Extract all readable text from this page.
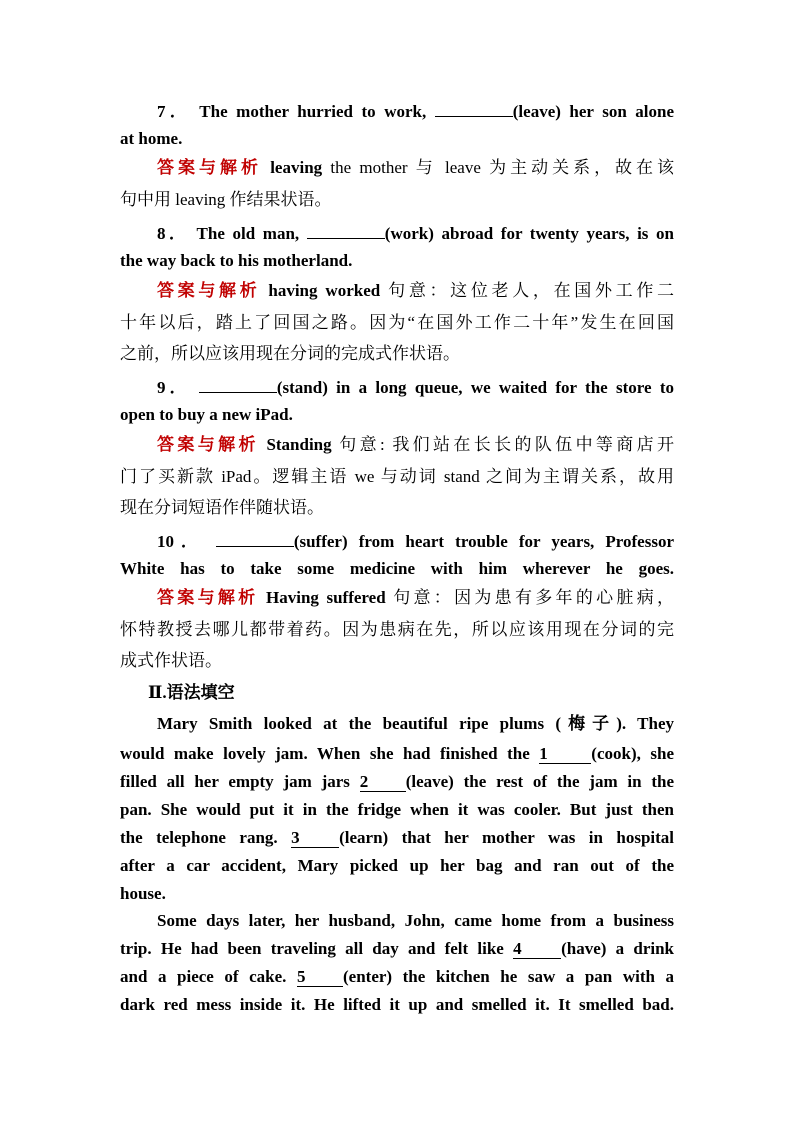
7． The mother hurried to work,	(leave) her son alone
at home.
答案与解析 leaving the mother 与 leave 为主动关系，故在该
句中用 leaving 作结果状语。
8． The old man,	(work) abroad for twenty years, is on
the way back to his motherland.
答案与解析 having worked 句意：这位老人，在国外工作二
十年以后，踏上了回国之路。因为“在国外工作二十年”发生在回国
之前，所以应该用现在分词的完成式作状语。
9．	(stand) in a long queue, we waited for the store to
open to buy a new iPad.
答案与解析 Standing 句意: 我们站在长长的队伍中等商店开
门了买新款 iPad。逻辑主语 we 与动词 stand 之间为主谓关系，故用
现在分词短语作伴随状语。
10．	(suffer) from heart trouble for years, Professor
White has to take some medicine with him wherever he goes.
答案与解析 Having suffered 句意：因为患有多年的心脏病，
怀特教授去哪儿都带着药。因为患病在先，所以应该用现在分词的完
成式作状语。
Ⅱ.语法填空
Mary Smith looked at the beautiful ripe plums (梅子). They
would make lovely jam. When she had finished the 1	(cook), she
filled all her empty jam jars 2 (leave) the rest of the jam in the
pan. She would put it in the fridge when it was cooler. But just then
the telephone rang. 3 (learn) that her mother was in hospital
after a car accident, Mary picked up her bag and ran out of the
house.
Some days later, her husband, John, came home from a business
trip. He had been traveling all day and felt like 4 (have) a drink
and a piece of cake. 5 (enter) the kitchen he saw a pan with a
dark red mess inside it. He lifted it up and smelled it. It smelled bad.
